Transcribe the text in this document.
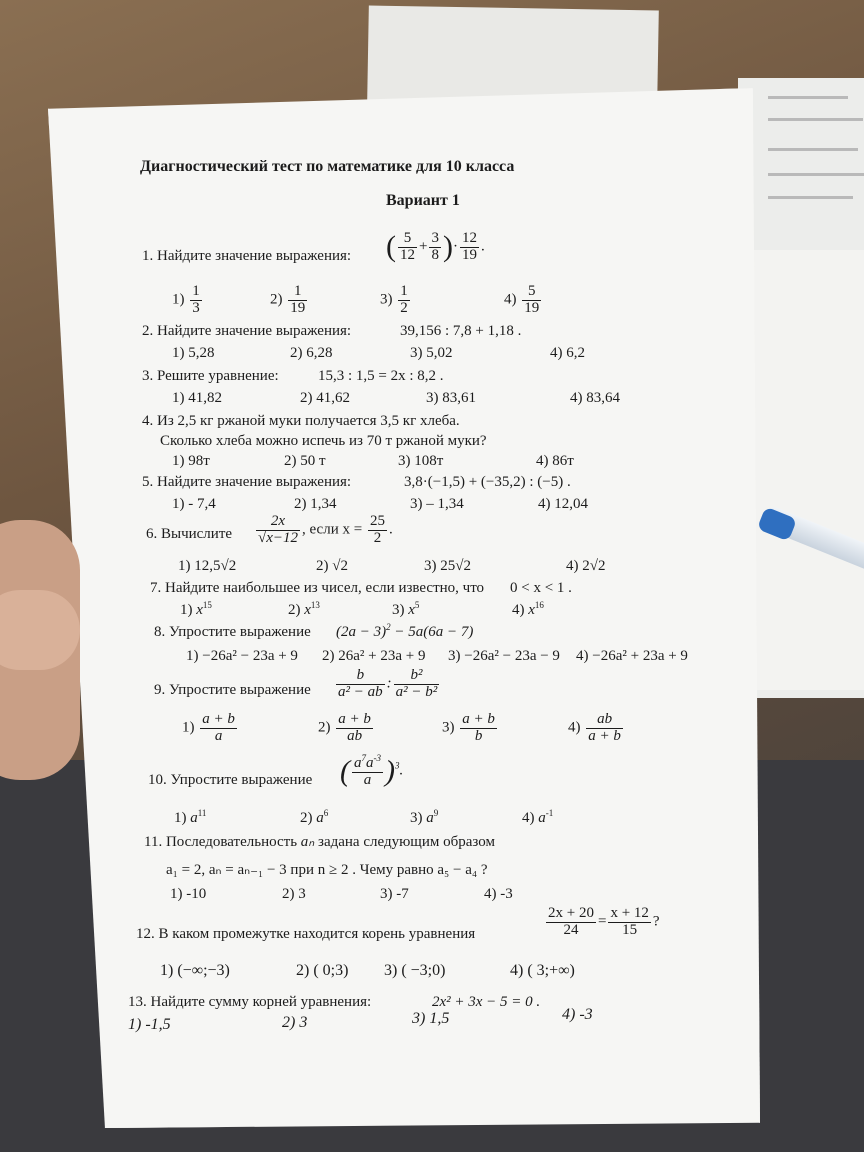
Диагностический тест по математике для 10 класса
Вариант 1
1. Найдите значение выражения: ( $\frac{5}{12} + \frac{3}{8}$ )· $\frac{12}{19}$ .
$1) \frac{1}{3}$	$2) \frac{1}{19}$	$3) \frac{1}{2}$	$4) \frac{5}{19}$
2. Найдите значение выражения:	39,156 : 7,8 + 1,18 .
1) 5,28	2) 6,28	3) 5,02	4) 6,2
3. Решите уравнение:	15,3 : 1,5 = 2x : 8,2 .
1) 41,82	2) 41,62	3) 83,61	4) 83,64
4. Из 2,5 кг ржаной муки получается 3,5 кг хлеба.
Сколько хлеба можно испечь из 70 т ржаной муки?
1) 98т	2) 50 т	3) 108т	4) 86т
5. Найдите значение выражения:	3,8·(−1,5) + (−35,2) : (−5) .
1) - 7,4	2) 1,34	3) – 1,34	4) 12,04
6. Вычислите $\frac{2x}{√x-12}$ , если $x = \frac{25}{2}$ .
1) 12,5√2	2) √2	3) 25√2	4) 2√2
7. Найдите наибольшее из чисел, если известно, что 0 < x < 1 .
1) $x^{15}$	2) $x^{13}$	3) $x^5$	4) $x^{16}$
8. Упростите выражение $(2a - 3)^2 - 5a(6a - 7)$
1) −26a² − 23a + 9 2) 26a² + 23a + 9 3) −26a² − 23a − 9 4) −26a² + 23a + 9
9. Упростите выражение $\frac{b}{\text{a² − ab}}$ : $\frac{\text{b²}}{\text{a² − b²}}$
$1) \frac{a + b}{a}$	$2) \frac{a + b}{ab}$	$3) \frac{a + b}{b}$	$4) \frac{ab}{a + b}$
10. Упростите выражение ( $\frac{a^7a^{-3}}{a} )^3$.
1) $a^{11}$	2) $a^6$	3) $a^9$	4) $a^{-1}$
11. Последовательность aₙ задана следующим образом
a₁ = 2, aₙ = aₙ₋₁ − 3 при n ≥ 2 . Чему равно a₅ − a₄ ?
1) -10	2) 3	3) -7	4) -3
12. В каком промежутке находится корень уравнения	$\frac{2x + 20}{24} = \frac{x + 12}{15}$ ?
1) (−∞;−3)	2) ( 0;3) 3) ( −3;0)	4) ( 3;+∞)
13. Найдите сумму корней уравнения:	2x² + 3x − 5 = 0 .
1) -1,5	2) 3	3) 1,5	4) -3
